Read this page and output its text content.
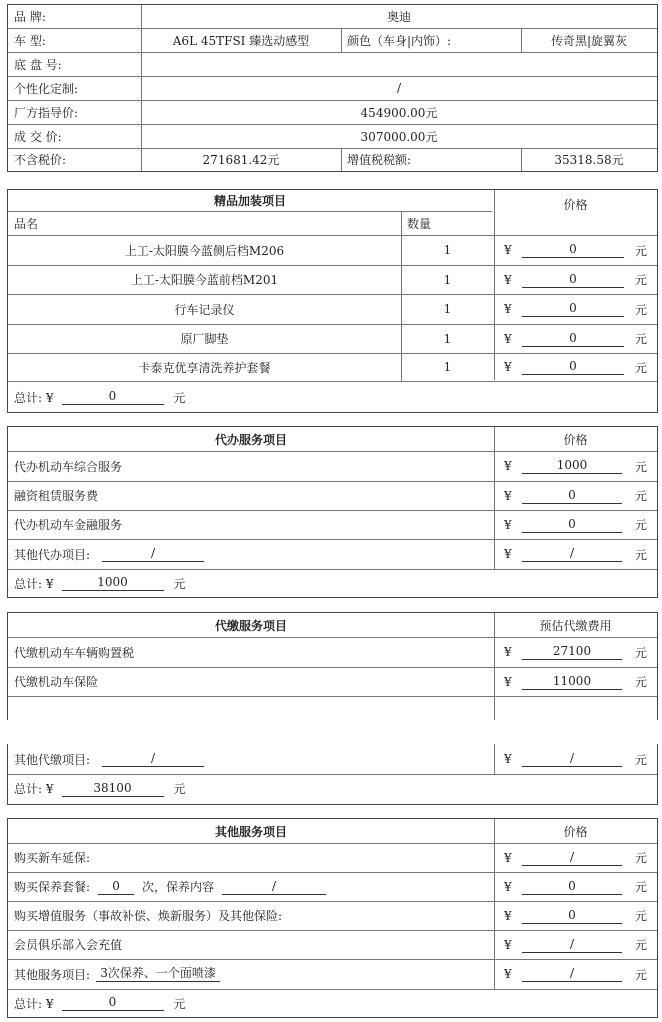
品 牌:	奥迪
车 型:	A6L 45TFSI 臻选动感型	颜色（车身|内饰）:	传奇黑|旋翼灰
底 盘 号:
个性化定制:	/
厂方指导价:	454900.00元
成 交 价:	307000.00元
不含税价:	271681.42元	增值税税额:	35318.58元
精品加装项目	价格
品名	数量
上工-太阳膜今蓝侧后档M206	1	¥	0	元
上工-太阳膜今蓝前档M201	1	¥	0	元
行车记录仪	1	¥	0	元
原厂脚垫	1	¥	0	元
卡泰克优享清洗养护套餐	1	¥	0	元
总计: ¥	0	元
代办服务项目	价格
代办机动车综合服务	¥	1000	元
融资租赁服务费	¥	0	元
代办机动车金融服务	¥	0	元
其他代办项目:	/	¥	/	元
总计: ¥	1000	元
代缴服务项目	预估代缴费用
代缴机动车车辆购置税	¥	27100	元
代缴机动车保险	¥	11000	元
其他代缴项目:	/	¥	/	元
总计: ¥	38100	元
其他服务项目	价格
购买新车延保:	¥	/	元
购买保养套餐:	0	次，保养内容	/	¥	0	元
购买增值服务（事故补偿、焕新服务）及其他保险:	¥	0	元
会员俱乐部入会充值	¥	/	元
其他服务项目: 3次保养、一个面喷漆	¥	/	元
总计: ¥	0	元
